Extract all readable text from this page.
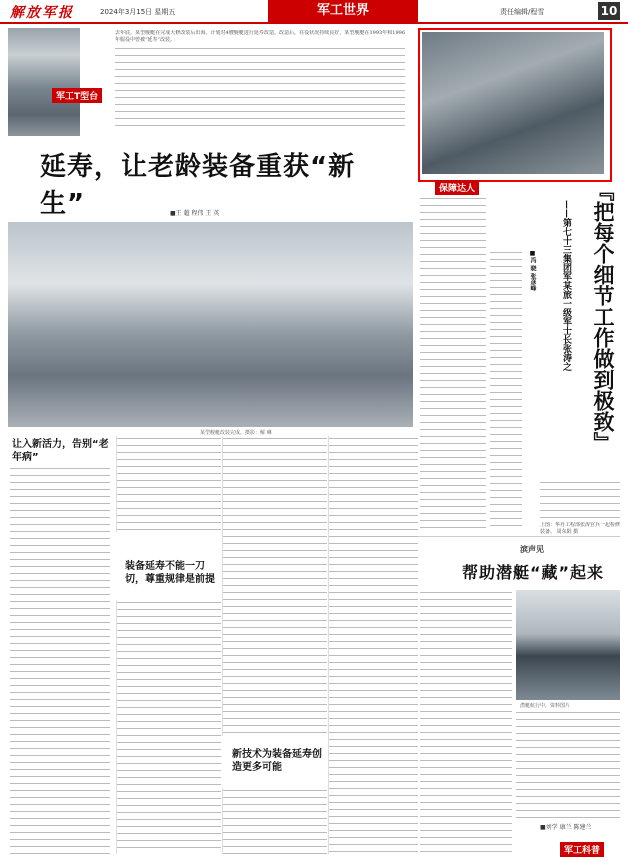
解放军报	2024年3月15日 星期五	军工世界	责任编辑/程雪	10
去年底，某型舰艇在完成大修改装后出海，计划对4艘舰艇进行延寿改造。改造后，在役状况持续良好，某型舰艇在1993年和1996年服役中曾被“延寿”改装。
军工T型台
延寿，让老龄装备重获“新生”	■王 超 程伟 王 英
某型舰艇改装完成。摄影：解 琳
让入新活力，告别“老年病”
装备延寿不能一刀切，尊重规律是前提
新技术为装备延寿创造更多可能
保障达人
■冯 晓 张彦峰	『把每个细节工作做到极致』
——第七十三集团军某旅一级军士长张涛之
上图：华丹工程部张涛官兵一起检修装备。 周东阳 摄
滨声见
帮助潜艇“藏”起来
潜艇航行中。资料图片
■刘学 康兰 陈建兰
军工科普
